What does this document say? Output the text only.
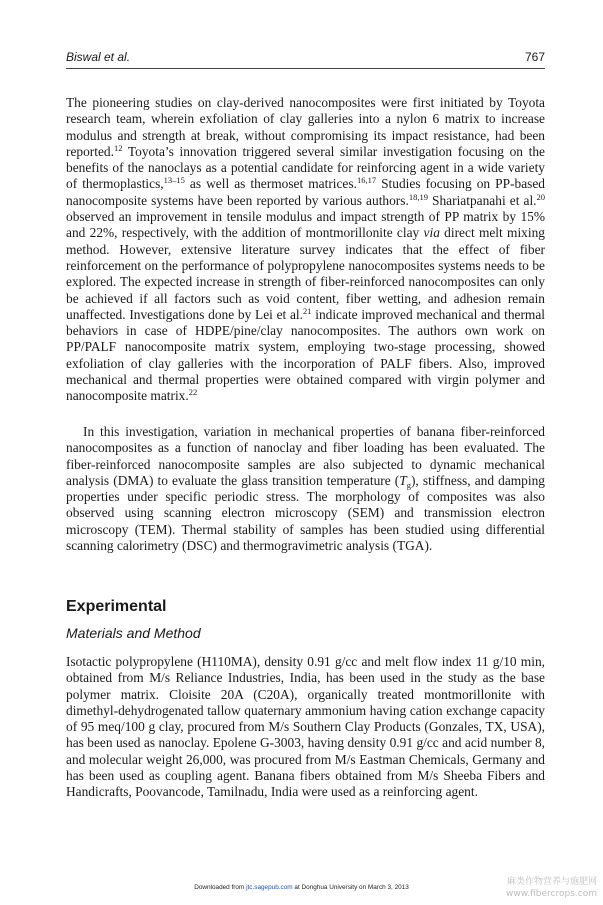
Biswal et al.	767

The pioneering studies on clay-derived nanocomposites were first initiated by Toyota research team, wherein exfoliation of clay galleries into a nylon 6 matrix to increase modulus and strength at break, without compromising its impact resistance, had been reported.$^{12}$ Toyota’s innovation triggered several similar investigation focusing on the benefits of the nanoclays as a potential candidate for reinforcing agent in a wide variety of thermoplastics,$^{13-15}$ as well as thermoset matrices.$^{16,17}$ Studies focusing on PP-based nanocomposite systems have been reported by various authors.$^{18,19}$ Shariatpanahi et al.$^{20}$ observed an improvement in tensile modulus and impact strength of PP matrix by 15% and 22%, respectively, with the addition of montmorillonite clay via direct melt mixing method. However, extensive literature survey indicates that the effect of fiber reinforcement on the performance of polypropylene nanocomposites systems needs to be explored. The expected increase in strength of fiber-reinforced nanocomposites can only be achieved if all factors such as void content, fiber wetting, and adhesion remain unaffected. Investigations done by Lei et al.$^{21}$ indicate improved mechanical and thermal behaviors in case of HDPE/pine/clay nanocomposites. The authors own work on PP/PALF nanocomposite matrix system, employing two-stage processing, showed exfoliation of clay galleries with the incorporation of PALF fibers. Also, improved mechanical and thermal properties were obtained compared with virgin polymer and nanocomposite matrix.$^{22}$

In this investigation, variation in mechanical properties of banana fiber-reinforced nanocomposites as a function of nanoclay and fiber loading has been evaluated. The fiber-reinforced nanocomposite samples are also subjected to dynamic mechanical analysis (DMA) to evaluate the glass transition temperature $(T_g)$, stiffness, and damping properties under specific periodic stress. The morphology of composites was also observed using scanning electron microscopy (SEM) and transmission electron microscopy (TEM). Thermal stability of samples has been studied using differential scanning calorimetry (DSC) and thermogravimetric analysis (TGA).

Experimental
Materials and Method

Isotactic polypropylene (H110MA), density 0.91 g/cc and melt flow index 11 g/10 min, obtained from M/s Reliance Industries, India, has been used in the study as the base polymer matrix. Cloisite 20A (C20A), organically treated montmorillonite with dimethyl-dehydrogenated tallow quaternary ammonium having cation exchange capacity of 95 meq/100 g clay, procured from M/s Southern Clay Products (Gonzales, TX, USA), has been used as nanoclay. Epolene G-3003, having density 0.91 g/cc and acid number 8, and molecular weight 26,000, was procured from M/s Eastman Chemicals, Germany and has been used as coupling agent. Banana fibers obtained from M/s Sheeba Fibers and Handicrafts, Poovancode, Tamilnadu, India were used as a reinforcing agent.

Downloaded from jtc.sagepub.com at Donghua University on March 3, 2013
麻类作物营养与施肥网
www.fibercrops.com
